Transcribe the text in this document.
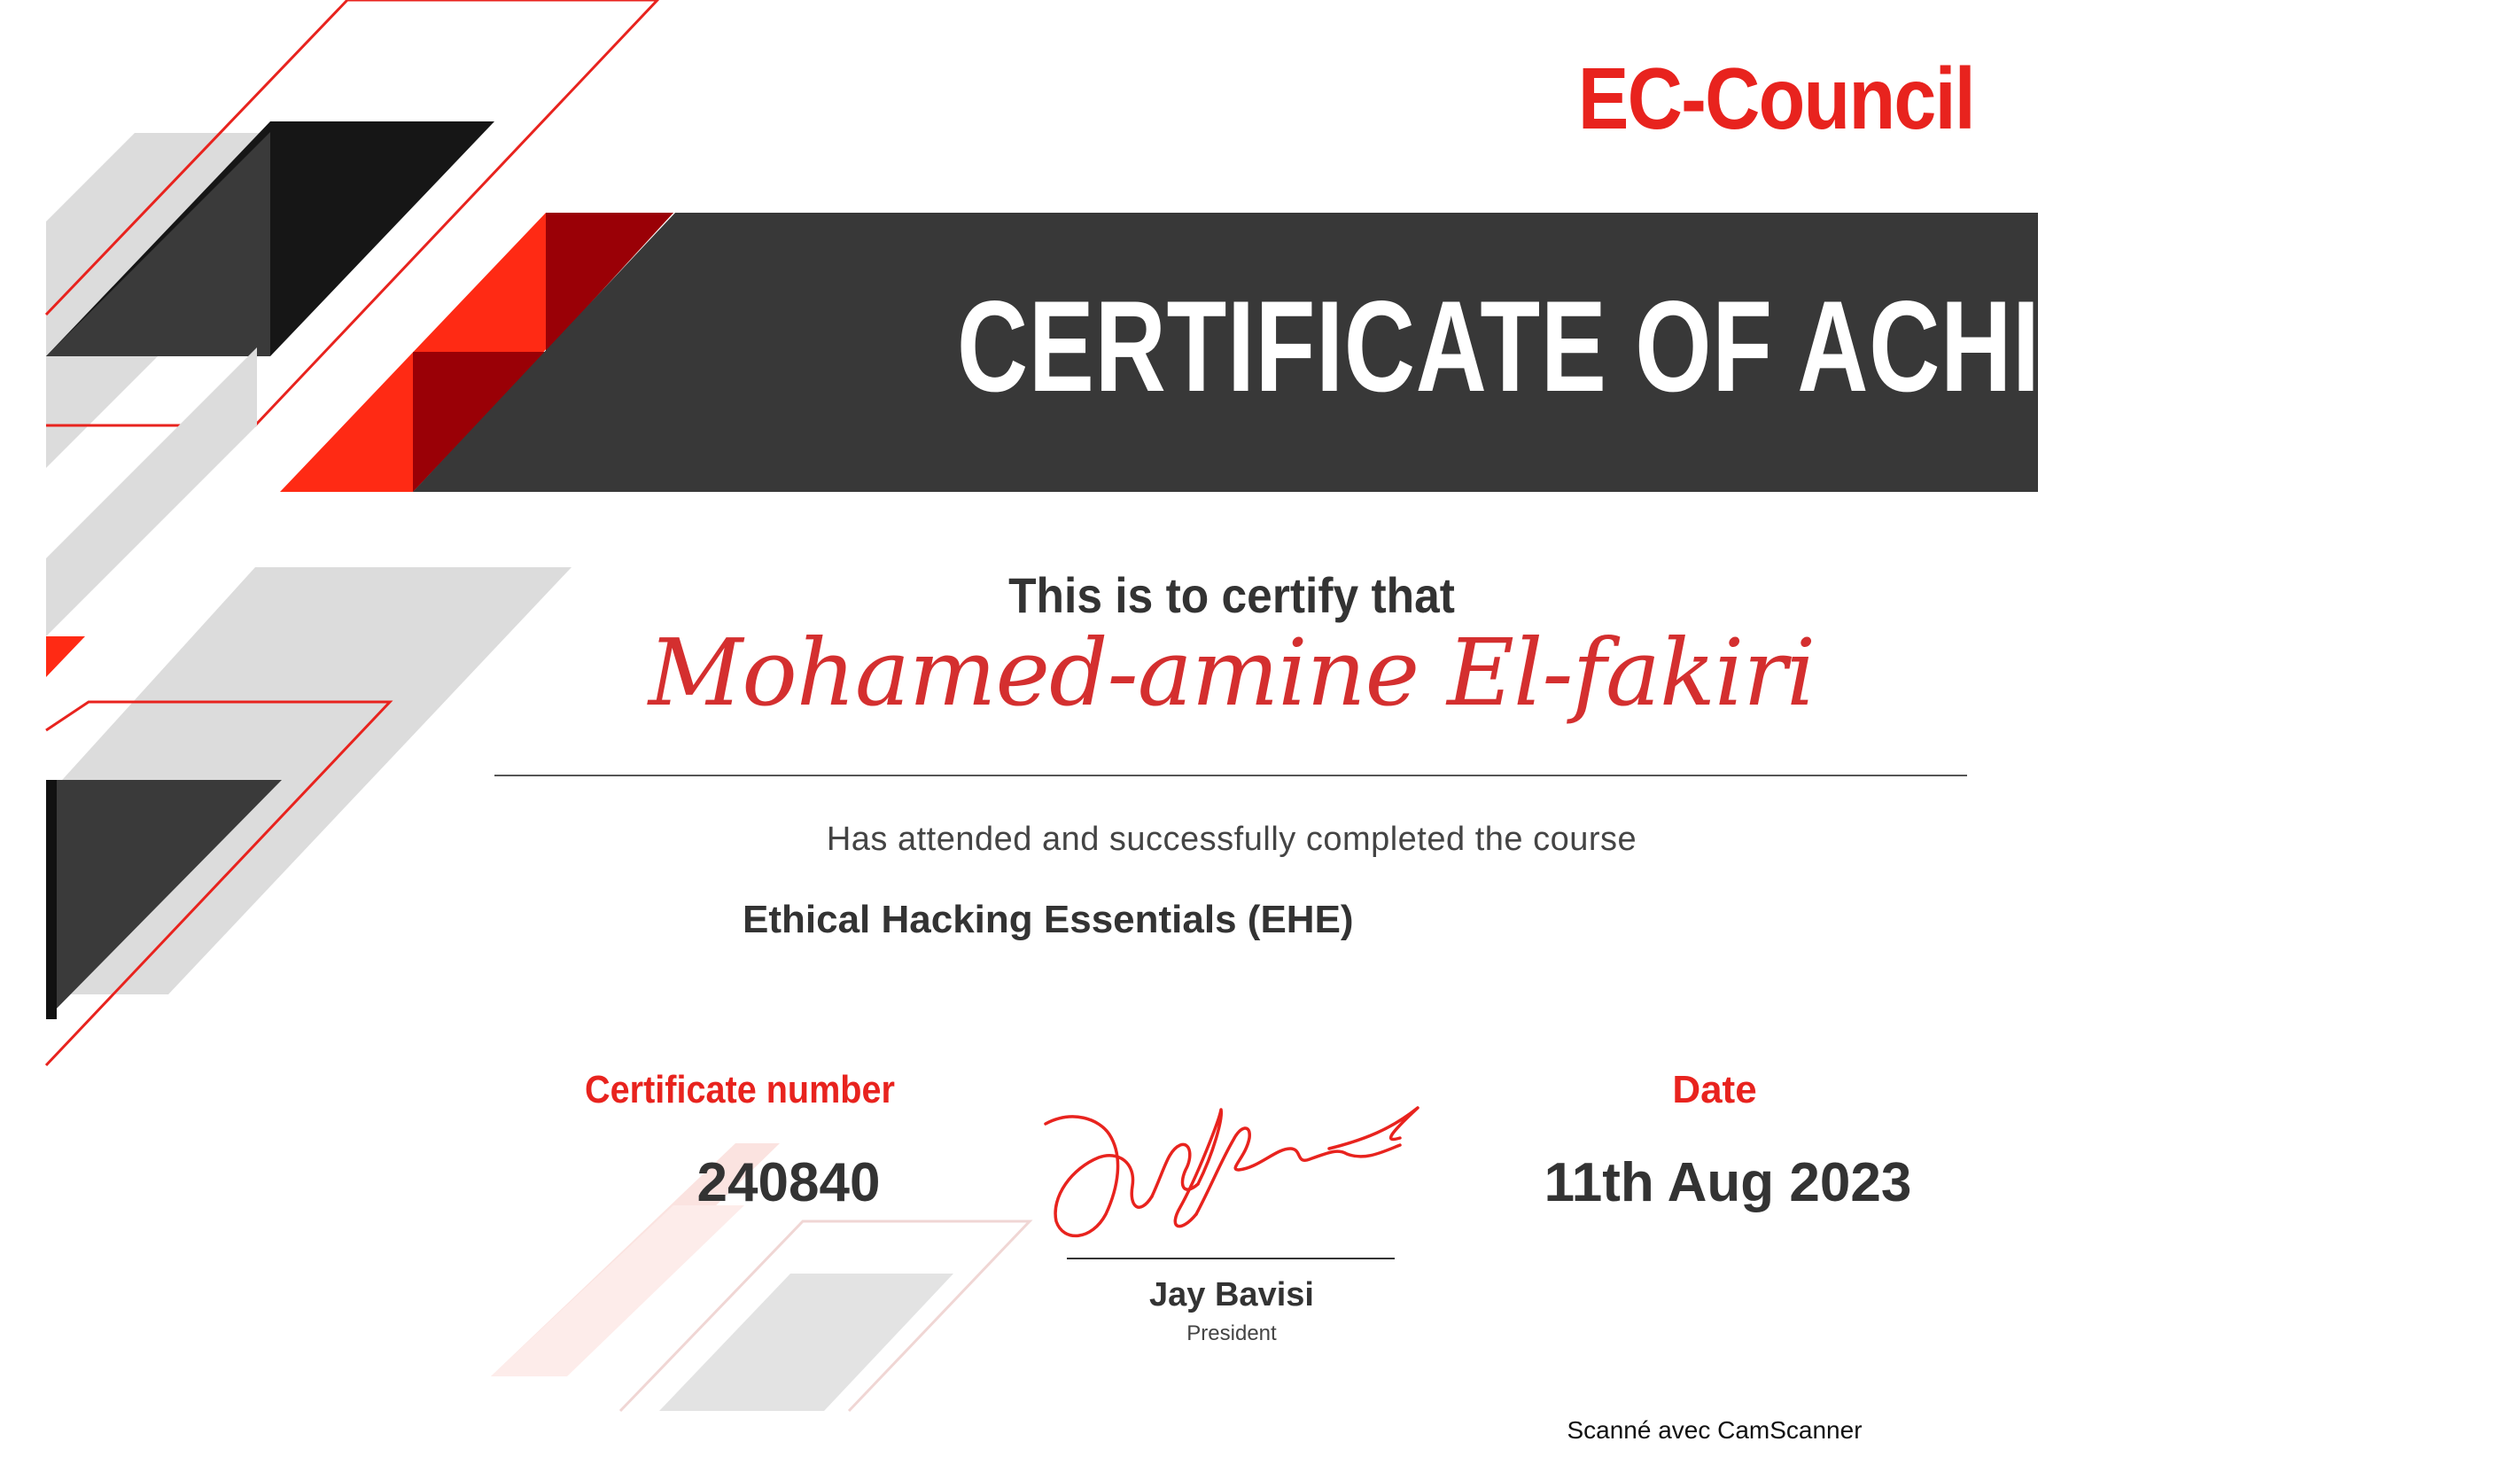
EC-Council
CERTIFICATE OF ACHIEVEMENT
This is to certify that
Mohamed-amine El-fakiri
Has attended and successfully completed the course
Ethical Hacking Essentials (EHE)
Certificate number
240840
Date
11th Aug 2023
Jay Bavisi
President
Scanné avec CamScanner
